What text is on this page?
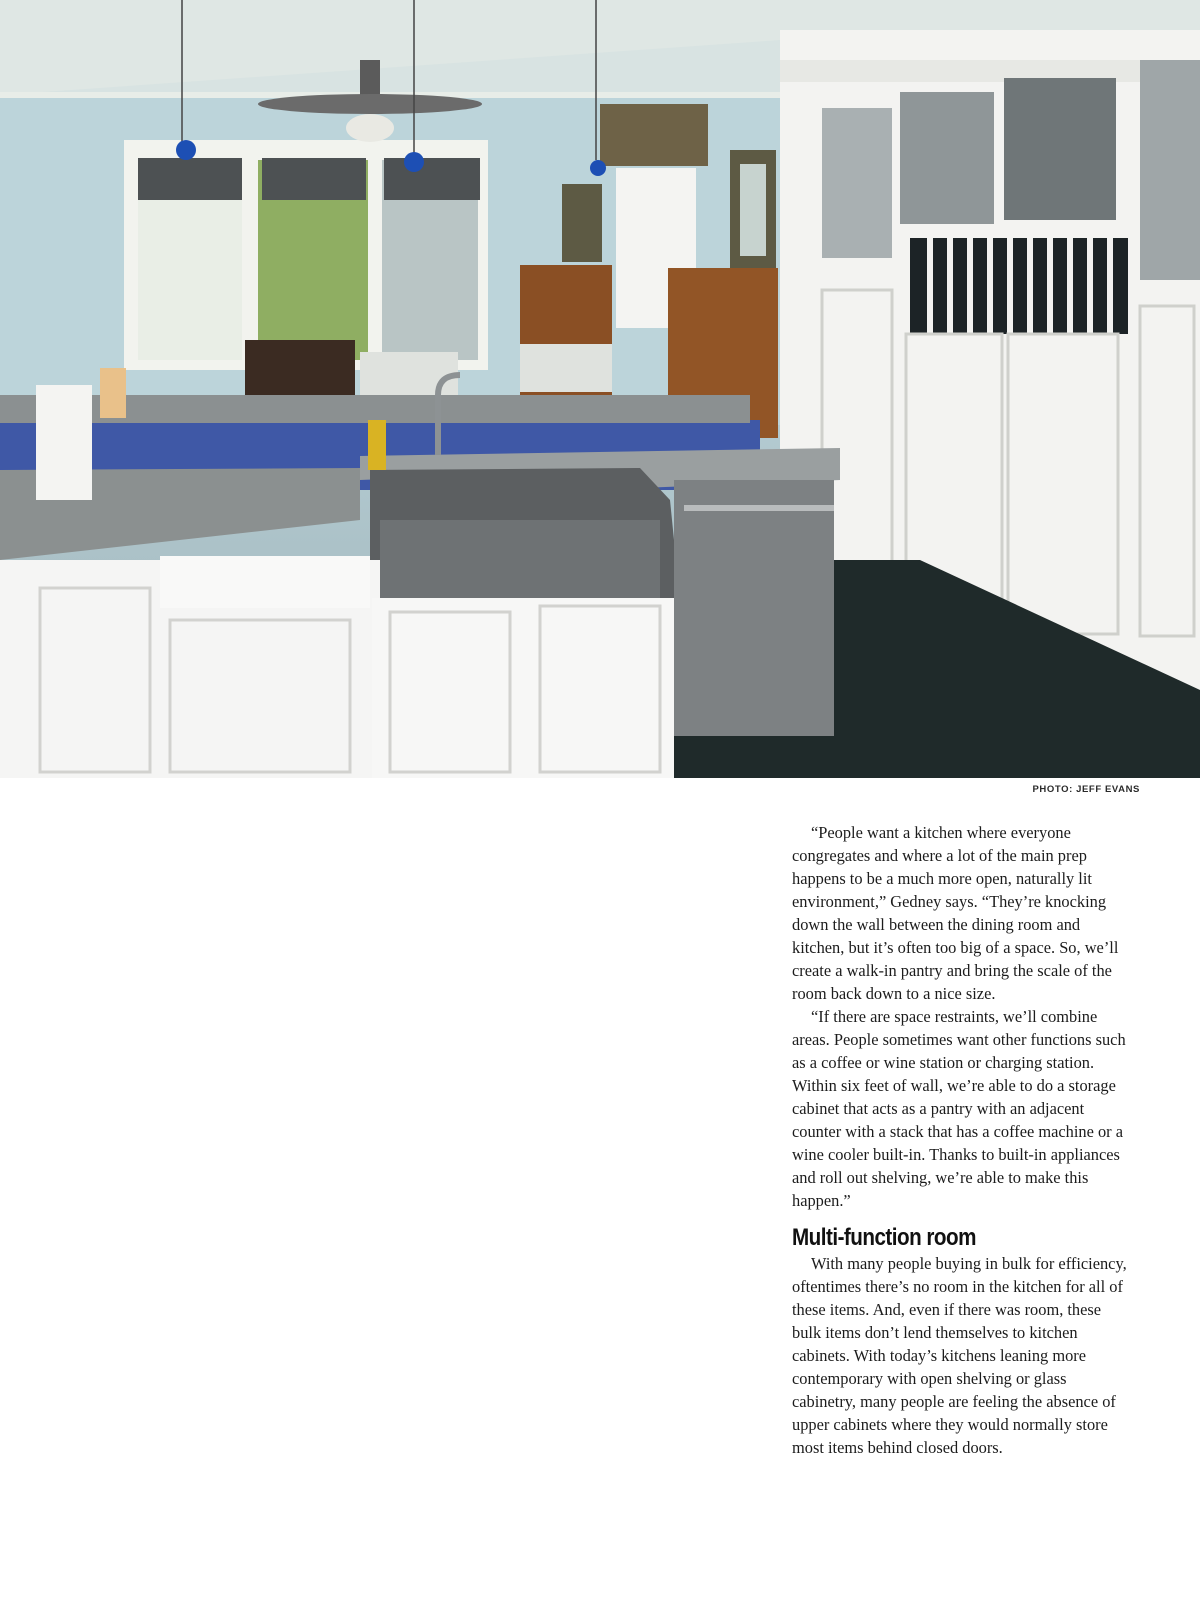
PHOTO: JEFF EVANS

“People want a kitchen where everyone congregates and where a lot of the main prep happens to be a much more open, naturally lit environment,” Gedney says. “They’re knocking down the wall between the dining room and kitchen, but it’s often too big of a space. So, we’ll create a walk-in pantry and bring the scale of the room back down to a nice size.

“If there are space restraints, we’ll combine areas. People sometimes want other functions such as a coffee or wine station or charging station. Within six feet of wall, we’re able to do a storage cabinet that acts as a pantry with an adjacent counter with a stack that has a coffee machine or a wine cooler built-in. Thanks to built-in appliances and roll out shelving, we’re able to make this happen.”

Multi-function room

With many people buying in bulk for efficiency, oftentimes there’s no room in the kitchen for all of these items. And, even if there was room, these bulk items don’t lend themselves to kitchen cabinets. With today’s kitchens leaning more contemporary with open shelving or glass cabinetry, many people are feeling the absence of upper cabinets where they would normally store most items behind closed doors.
